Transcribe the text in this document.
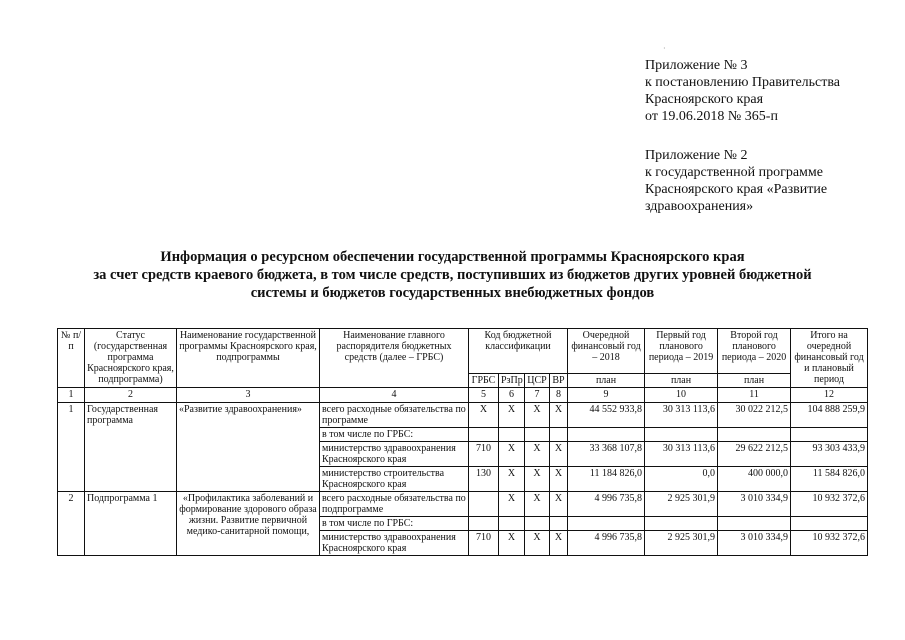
·
Приложение № 3
к постановлению Правительства
Красноярского края
от 19.06.2018 № 365-п
Приложение № 2
к государственной программе
Красноярского края «Развитие
здравоохранения»
Информация о ресурсном обеспечении государственной программы Красноярского края
за счет средств краевого бюджета, в том числе средств, поступивших из бюджетов других уровней бюджетной
системы и бюджетов государственных внебюджетных фондов
№ п/п	Статус (государственная программа Красноярского края, подпрограмма)	Наименование государственной программы Красноярского края, подпрограммы	Наименование главного распорядителя бюджетных средств (далее – ГРБС)	Код бюджетной классификации				Очередной финансовый год – 2018	Первый год планового периода – 2019	Второй год планового периода – 2020	Итого на очередной финансовый год и плановый период
				ГРБС	РзПр	ЦСР	ВР	план	план	план	
1	2	3	4	5	6	7	8	9	10	11	12
1	Государственная программа	«Развитие здравоохранения»	всего расходные обязательства по программе	X	X	X	X	44 552 933,8	30 313 113,6	30 022 212,5	104 888 259,9
			в том числе по ГРБС:								
			министерство здравоохранения Красноярского края	710	X	X	X	33 368 107,8	30 313 113,6	29 622 212,5	93 303 433,9
			министерство строительства Красноярского края	130	X	X	X	11 184 826,0	0,0	400 000,0	11 584 826,0
2	Подпрограмма 1	«Профилактика заболеваний и формирование здорового образа жизни. Развитие первичной медико-санитарной помощи,	всего расходные обязательства по подпрограмме		X	X	X	4 996 735,8	2 925 301,9	3 010 334,9	10 932 372,6
			в том числе по ГРБС:								
			министерство здравоохранения Красноярского края	710	X	X	X	4 996 735,8	2 925 301,9	3 010 334,9	10 932 372,6
